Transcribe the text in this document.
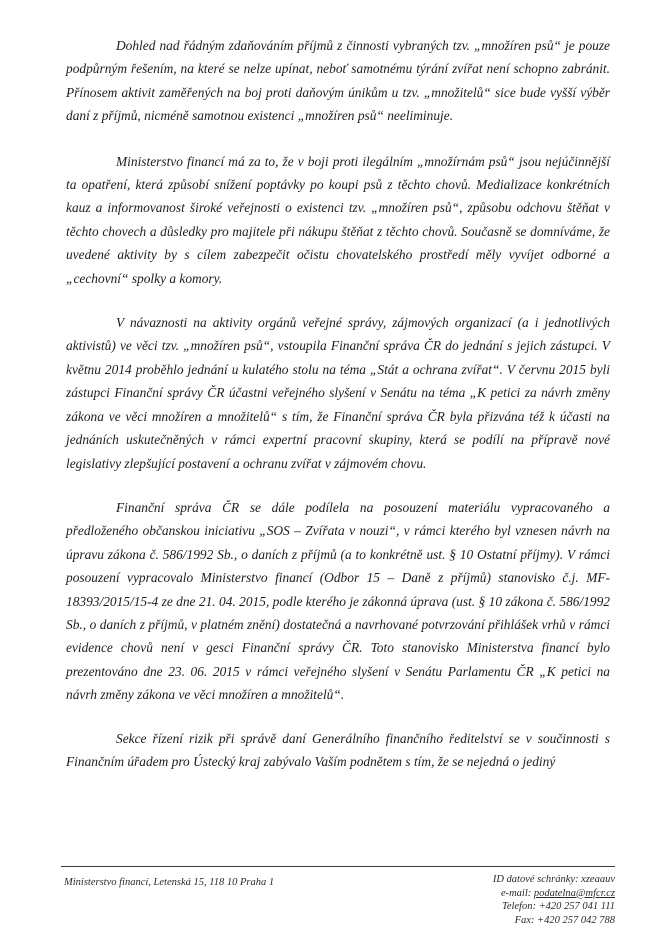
Dohled nad řádným zdaňováním příjmů z činnosti vybraných tzv. „množíren psů“ je pouze podpůrným řešením, na které se nelze upínat, neboť samotnému týrání zvířat není schopno zabránit. Přínosem aktivit zaměřených na boj proti daňovým únikům u tzv. „množitelů“ sice bude vyšší výběr daní z příjmů, nicméně samotnou existenci „množíren psů“ neeliminuje.

Ministerstvo financí má za to, že v boji proti ilegálním „množírnám psů“ jsou nejúčinnější ta opatření, která způsobí snížení poptávky po koupi psů z těchto chovů. Medializace konkrétních kauz a informovanost široké veřejnosti o existenci tzv. „množíren psů“, způsobu odchovu štěňat v těchto chovech a důsledky pro majitele při nákupu štěňat z těchto chovů. Současně se domníváme, že uvedené aktivity by s cílem zabezpečit očistu chovatelského prostředí měly vyvíjet odborné a „cechovní“ spolky a komory.

V návaznosti na aktivity orgánů veřejné správy, zájmových organizací (a i jednotlivých aktivistů) ve věci tzv. „množíren psů“, vstoupila Finanční správa ČR do jednání s jejich zástupci. V květnu 2014 proběhlo jednání u kulatého stolu na téma „Stát a ochrana zvířat“. V červnu 2015 byli zástupci Finanční správy ČR účastni veřejného slyšení v Senátu na téma „K petici za návrh změny zákona ve věci množíren a množitelů“ s tím, že Finanční správa ČR byla přizvána též k účasti na jednáních uskutečněných v rámci expertní pracovní skupiny, která se podílí na přípravě nové legislativy zlepšující postavení a ochranu zvířat v zájmovém chovu.

Finanční správa ČR se dále podílela na posouzení materiálu vypracovaného a předloženého občanskou iniciativu „SOS – Zvířata v nouzi“, v rámci kterého byl vznesen návrh na úpravu zákona č. 586/1992 Sb., o daních z příjmů (a to konkrétně ust. § 10 Ostatní příjmy). V rámci posouzení vypracovalo Ministerstvo financí (Odbor 15 – Daně z příjmů) stanovisko č.j. MF-18393/2015/15-4 ze dne 21. 04. 2015, podle kterého je zákonná úprava (ust. § 10 zákona č. 586/1992 Sb., o daních z příjmů, v platném znění) dostatečná a navrhované potvrzování přihlášek vrhů v rámci evidence chovů není v gesci Finanční správy ČR. Toto stanovisko Ministerstva financí bylo prezentováno dne 23. 06. 2015 v rámci veřejného slyšení v Senátu Parlamentu ČR „K petici na návrh změny zákona ve věci množíren a množitelů“.

Sekce řízení rizik při správě daní Generálního finančního ředitelství se v součinnosti s Finančním úřadem pro Ústecký kraj zabývalo Vaším podnětem s tím, že se nejedná o jediný

Ministerstvo financí, Letenská 15, 118 10 Praha 1	ID datové schránky: xzeaauv
e-mail: podatelna@mfcr.cz
Telefon: +420 257 041 111
Fax: +420 257 042 788
